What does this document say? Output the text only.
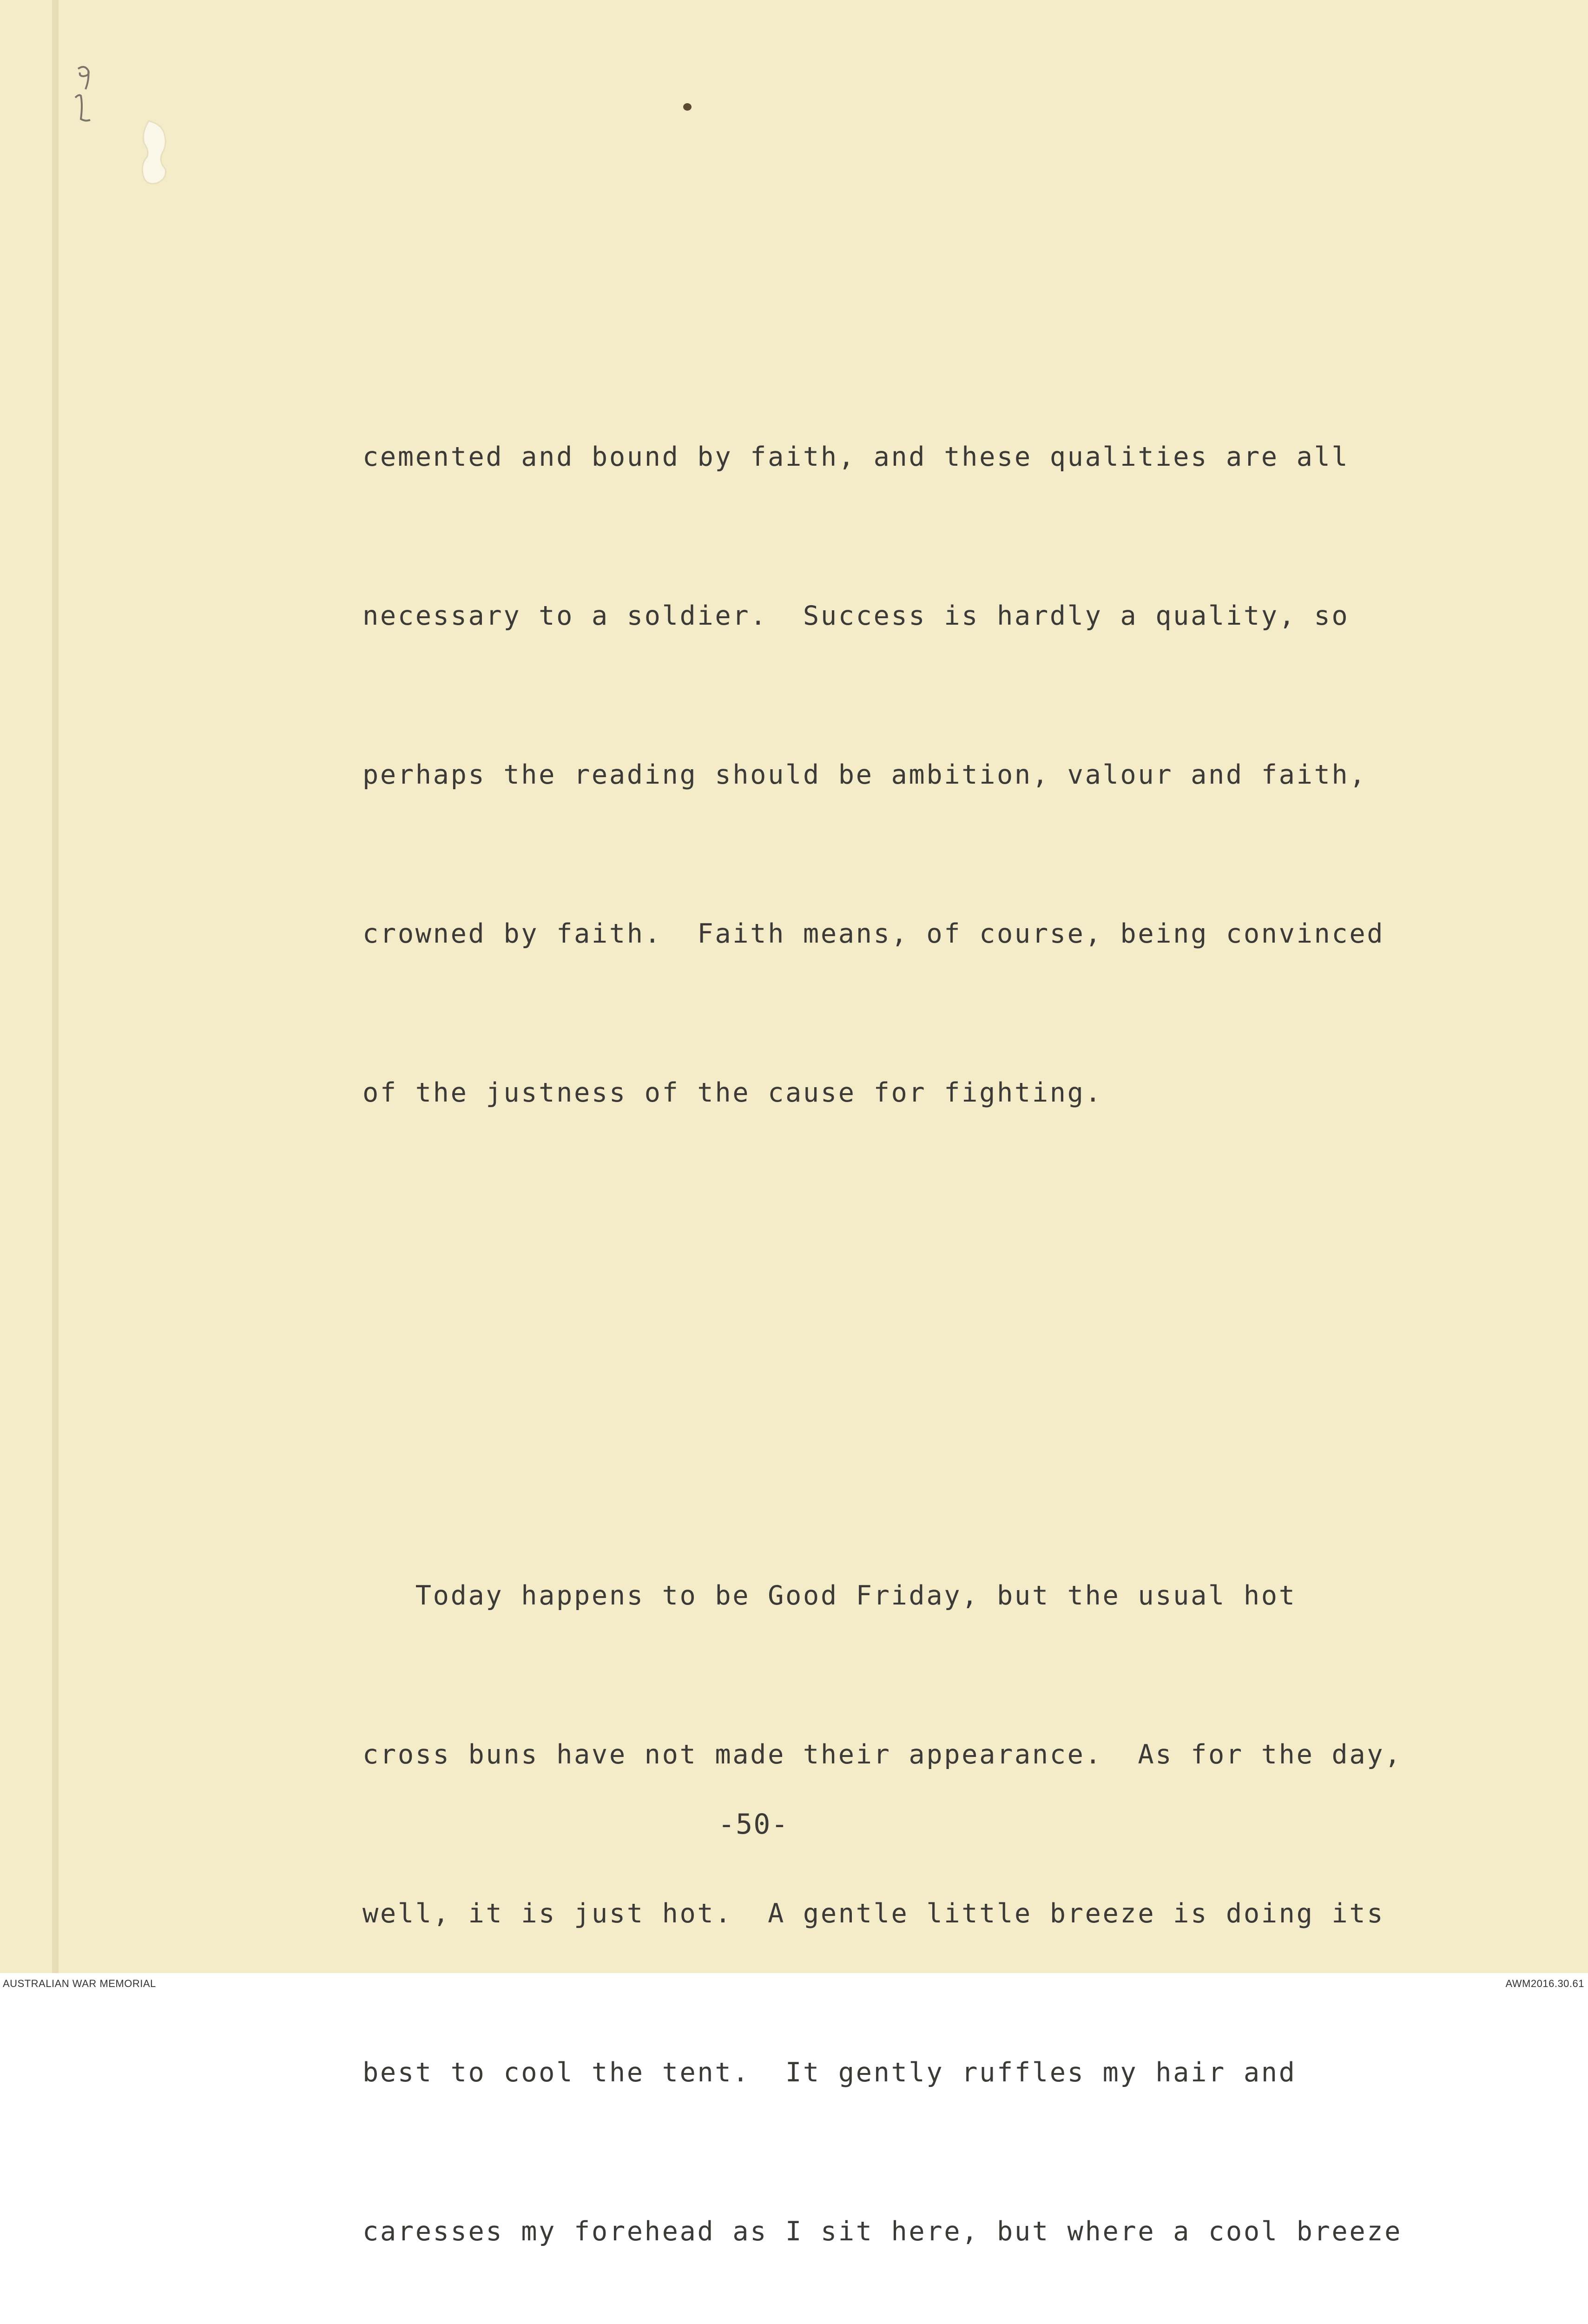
cemented and bound by faith, and these qualities are all

necessary to a soldier.  Success is hardly a quality, so

perhaps the reading should be ambition, valour and faith,

crowned by faith.  Faith means, of course, being convinced

of the justness of the cause for fighting.

Today happens to be Good Friday, but the usual hot

cross buns have not made their appearance.  As for the day,

well, it is just hot.  A gentle little breeze is doing its

best to cool the tent.  It gently ruffles my hair and

caresses my forehead as I sit here, but where a cool breeze

-50-
AUSTRALIAN WAR MEMORIAL	AWM2016.30.61
